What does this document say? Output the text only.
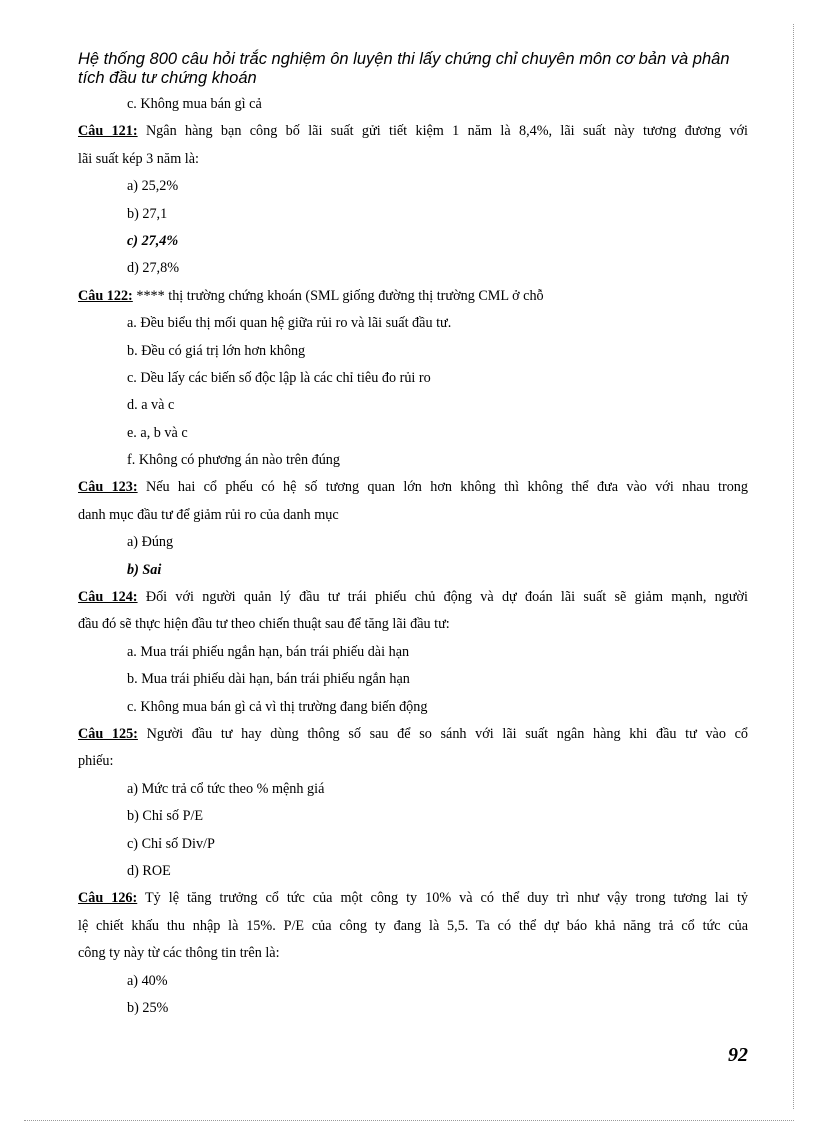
Hệ thống 800 câu hỏi trắc nghiệm ôn luyện thi lấy chứng chỉ chuyên môn cơ bản và phân tích đầu tư chứng khoán
c. Không mua bán gì cả
Câu 121: Ngân hàng bạn công bố lãi suất gửi tiết kiệm 1 năm là 8,4%, lãi suất này tương đương với
lãi suất kép 3 năm là:
a) 25,2%
b) 27,1
c) 27,4%
d) 27,8%
Câu 122: **** thị trường chứng khoán (SML giống đường thị trường CML ở chỗ
a. Đều biểu thị mối quan hệ giữa rủi ro và lãi suất đầu tư.
b. Đều có giá trị lớn hơn không
c. Dều lấy các biến số độc lập là các chỉ tiêu đo rủi ro
d. a và c
e. a, b và c
f. Không có phương án nào trên đúng
Câu 123: Nếu hai cổ phếu có hệ số tương quan lớn hơn không thì không thể đưa vào với nhau trong
danh mục đầu tư để giảm rủi ro của danh mục
a) Đúng
b) Sai
Câu 124: Đối với người quản lý đầu tư trái phiếu chủ động và dự đoán lãi suất sẽ giảm mạnh, người
đầu đó sẽ thực hiện đầu tư theo chiến thuật sau để tăng lãi đầu tư:
a. Mua trái phiếu ngắn hạn, bán trái phiếu dài hạn
b. Mua trái phiếu dài hạn, bán trái phiếu ngắn hạn
c. Không mua bán gì cả vì thị trường đang biến động
Câu 125: Người đầu tư hay dùng thông số sau để so sánh với lãi suất ngân hàng khi đầu tư vào cổ
phiếu:
a) Mức trả cổ tức theo % mệnh giá
b) Chỉ số P/E
c) Chỉ số Div/P
d) ROE
Câu 126: Tỷ lệ tăng trưởng cổ tức của một công ty 10% và có thể duy trì như vậy trong tương lai tỷ
lệ chiết khấu thu nhập là 15%. P/E của công ty đang là 5,5. Ta có thể dự báo khả năng trả cổ tức của
công ty này từ các thông tin trên là:
a) 40%
b) 25%
92
